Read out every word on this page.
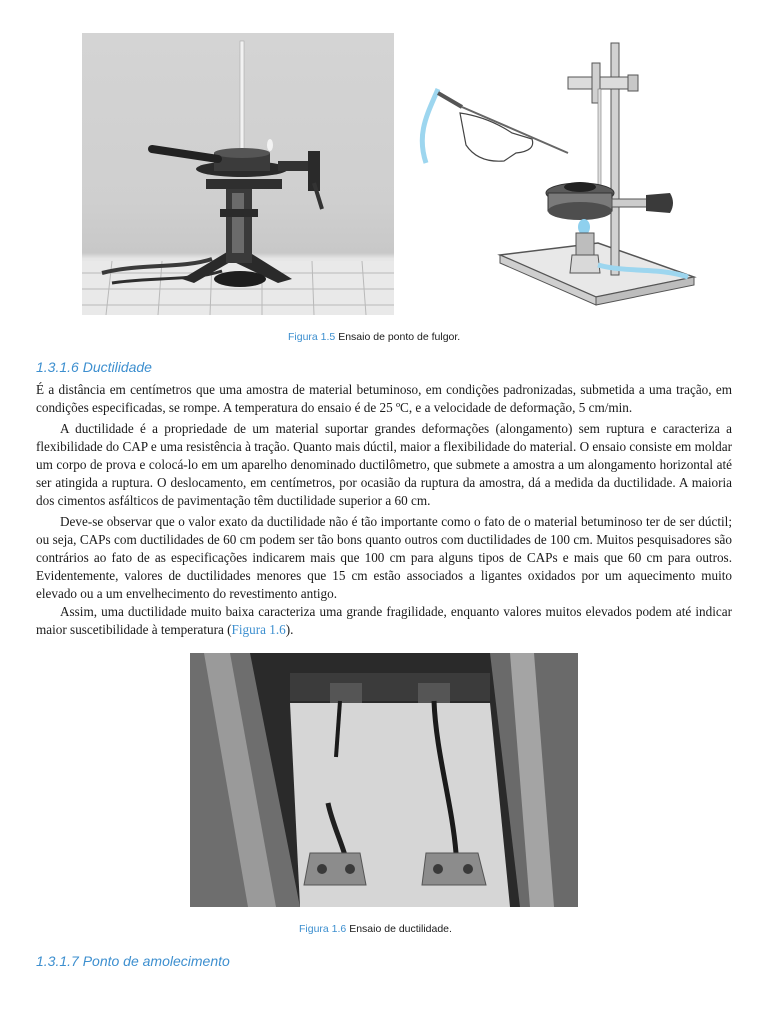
Figura 1.5 Ensaio de ponto de fulgor.
1.3.1.6 Ductilidade

É a distância em centímetros que uma amostra de material betuminoso, em condições padronizadas, submetida a uma tração, em condições especificadas, se rompe. A temperatura do ensaio é de 25 ºC, e a velocidade de deformação, 5 cm/min.

A ductilidade é a propriedade de um material suportar grandes deformações (alongamento) sem ruptura e caracteriza a flexibilidade do CAP e uma resistência à tração. Quanto mais dúctil, maior a flexibilidade do material. O ensaio consiste em moldar um corpo de prova e colocá-lo em um aparelho denominado ductilômetro, que submete a amostra a um alongamento horizontal até ser atingida a ruptura. O deslocamento, em centímetros, por ocasião da ruptura da amostra, dá a medida da ductilidade. A maioria dos cimentos asfálticos de pavimentação têm ductilidade superior a 60 cm.

Deve-se observar que o valor exato da ductilidade não é tão importante como o fato de o material betuminoso ter de ser dúctil; ou seja, CAPs com ductilidades de 60 cm podem ser tão bons quanto outros com ductilidades de 100 cm. Muitos pesquisadores são contrários ao fato de as especificações indicarem mais que 100 cm para alguns tipos de CAPs e mais que 60 cm para outros. Evidentemente, valores de ductilidades menores que 15 cm estão associados a ligantes oxidados por um aquecimento muito elevado ou a um envelhecimento do revestimento antigo.

Assim, uma ductilidade muito baixa caracteriza uma grande fragilidade, enquanto valores muitos elevados podem até indicar maior suscetibilidade à temperatura (Figura 1.6).

Figura 1.6 Ensaio de ductilidade.
1.3.1.7 Ponto de amolecimento
